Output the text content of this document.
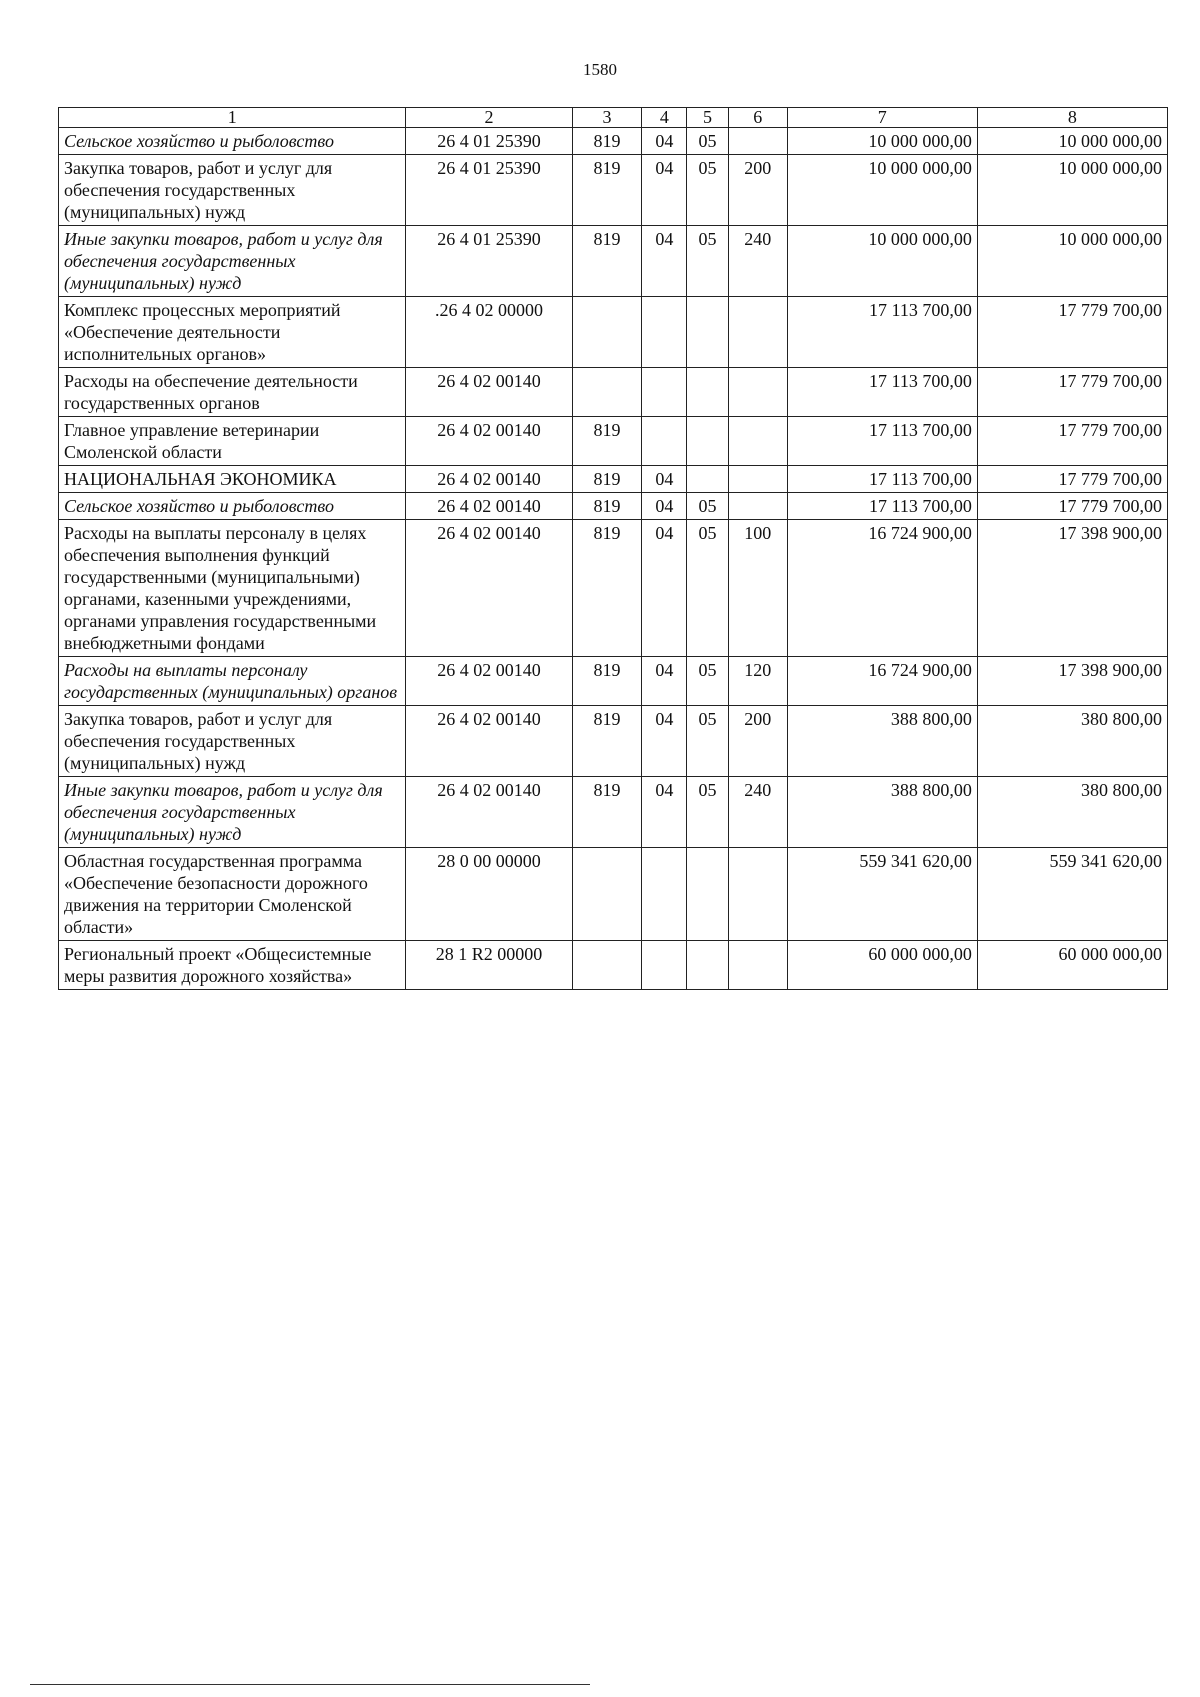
1580
1	2	3	4	5	6	7	8
Сельское хозяйство и рыболовство	26 4 01 25390	819	04	05		10 000 000,00	10 000 000,00
Закупка товаров, работ и услуг для обеспечения государственных (муниципальных) нужд	26 4 01 25390	819	04	05	200	10 000 000,00	10 000 000,00
Иные закупки товаров, работ и услуг для обеспечения государственных (муниципальных) нужд	26 4 01 25390	819	04	05	240	10 000 000,00	10 000 000,00
Комплекс процессных мероприятий «Обеспечение деятельности исполнительных органов»	.26 4 02 00000					17 113 700,00	17 779 700,00
Расходы на обеспечение деятельности государственных органов	26 4 02 00140					17 113 700,00	17 779 700,00
Главное управление ветеринарии Смоленской области	26 4 02 00140	819				17 113 700,00	17 779 700,00
НАЦИОНАЛЬНАЯ ЭКОНОМИКА	26 4 02 00140	819	04			17 113 700,00	17 779 700,00
Сельское хозяйство и рыболовство	26 4 02 00140	819	04	05		17 113 700,00	17 779 700,00
Расходы на выплаты персоналу в целях обеспечения выполнения функций государственными (муниципальными) органами, казенными учреждениями, органами управления государственными внебюджетными фондами	26 4 02 00140	819	04	05	100	16 724 900,00	17 398 900,00
Расходы на выплаты персоналу государственных (муниципальных) органов	26 4 02 00140	819	04	05	120	16 724 900,00	17 398 900,00
Закупка товаров, работ и услуг для обеспечения государственных (муниципальных) нужд	26 4 02 00140	819	04	05	200	388 800,00	380 800,00
Иные закупки товаров, работ и услуг для обеспечения государственных (муниципальных) нужд	26 4 02 00140	819	04	05	240	388 800,00	380 800,00
Областная государственная программа «Обеспечение безопасности дорожного движения на территории Смоленской области»	28 0 00 00000					559 341 620,00	559 341 620,00
Региональный проект «Общесистемные меры развития дорожного хозяйства»	28 1 R2 00000					60 000 000,00	60 000 000,00
